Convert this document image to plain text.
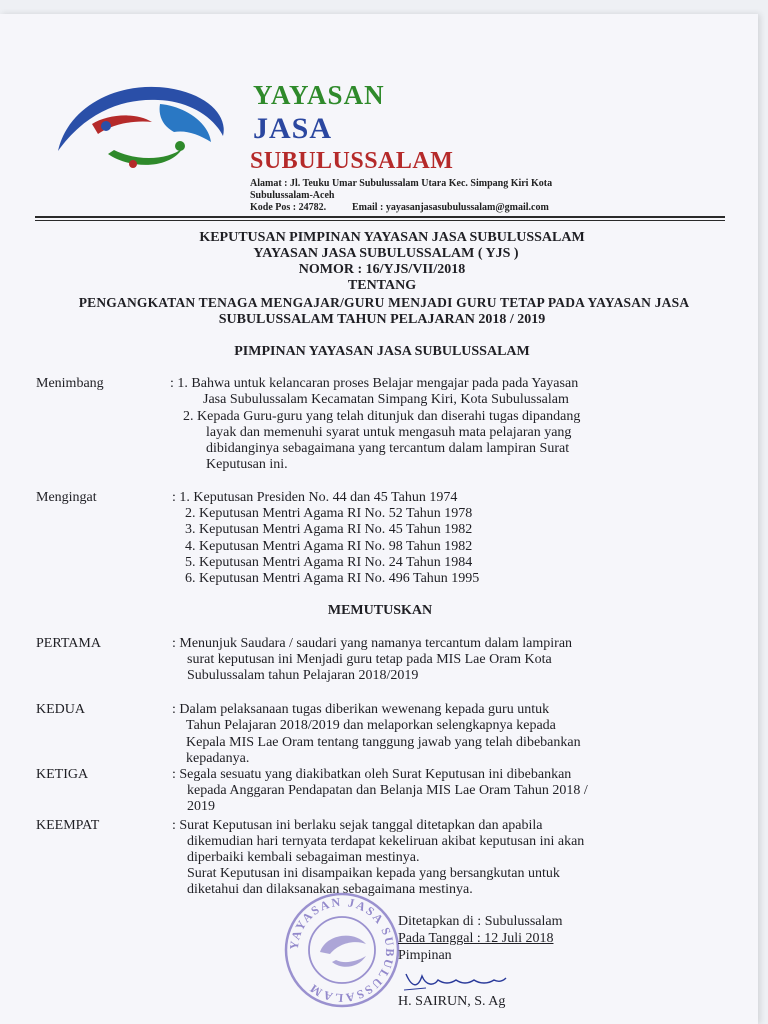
YAYASAN
JASA
SUBULUSSALAM
Alamat : Jl. Teuku Umar Subulussalam Utara Kec. Simpang Kiri Kota
Subulussalam-Aceh
Kode Pos : 24782.	Email : yayasanjasasubulussalam@gmail.com
KEPUTUSAN PIMPINAN YAYASAN JASA SUBULUSSALAM
YAYASAN JASA SUBULUSSALAM ( YJS )
NOMOR : 16/YJS/VII/2018
TENTANG
PENGANGKATAN TENAGA MENGAJAR/GURU MENJADI GURU TETAP PADA YAYASAN JASA
SUBULUSSALAM TAHUN PELAJARAN 2018 / 2019
PIMPINAN YAYASAN JASA SUBULUSSALAM
Menimbang	: 1. Bahwa untuk kelancaran proses Belajar mengajar pada pada Yayasan
Jasa Subulussalam Kecamatan Simpang Kiri, Kota Subulussalam
2. Kepada Guru-guru yang telah ditunjuk dan diserahi tugas dipandang
layak dan memenuhi syarat untuk mengasuh mata pelajaran yang
dibidanginya sebagaimana yang tercantum dalam lampiran Surat
Keputusan ini.
Mengingat	: 1. Keputusan Presiden No. 44 dan 45 Tahun 1974
2. Keputusan Mentri Agama RI No. 52 Tahun 1978
3. Keputusan Mentri Agama RI No. 45 Tahun 1982
4. Keputusan Mentri Agama RI No. 98 Tahun 1982
5. Keputusan Mentri Agama RI No. 24 Tahun 1984
6. Keputusan Mentri Agama RI No. 496 Tahun 1995
MEMUTUSKAN
PERTAMA	: Menunjuk Saudara / saudari yang namanya tercantum dalam lampiran
surat keputusan ini Menjadi guru tetap pada MIS Lae Oram Kota
Subulussalam tahun Pelajaran 2018/2019
KEDUA	: Dalam pelaksanaan tugas diberikan wewenang kepada guru untuk
Tahun Pelajaran 2018/2019 dan melaporkan selengkapnya kepada
Kepala MIS Lae Oram tentang tanggung jawab yang telah dibebankan
kepadanya.
KETIGA	: Segala sesuatu yang diakibatkan oleh Surat Keputusan ini dibebankan
kepada Anggaran Pendapatan dan Belanja MIS Lae Oram Tahun 2018 /
2019
KEEMPAT	: Surat Keputusan ini berlaku sejak tanggal ditetapkan dan apabila
dikemudian hari ternyata terdapat kekeliruan akibat keputusan ini akan
diperbaiki kembali sebagaiman mestinya.
Surat Keputusan ini disampaikan kepada yang bersangkutan untuk
diketahui dan dilaksanakan sebagaimana mestinya.
YAYASAN JASA SUBULUSSALAM
Ditetapkan di : Subulussalam
Pada Tanggal : 12 Juli 2018
Pimpinan
H. SAIRUN, S. Ag
